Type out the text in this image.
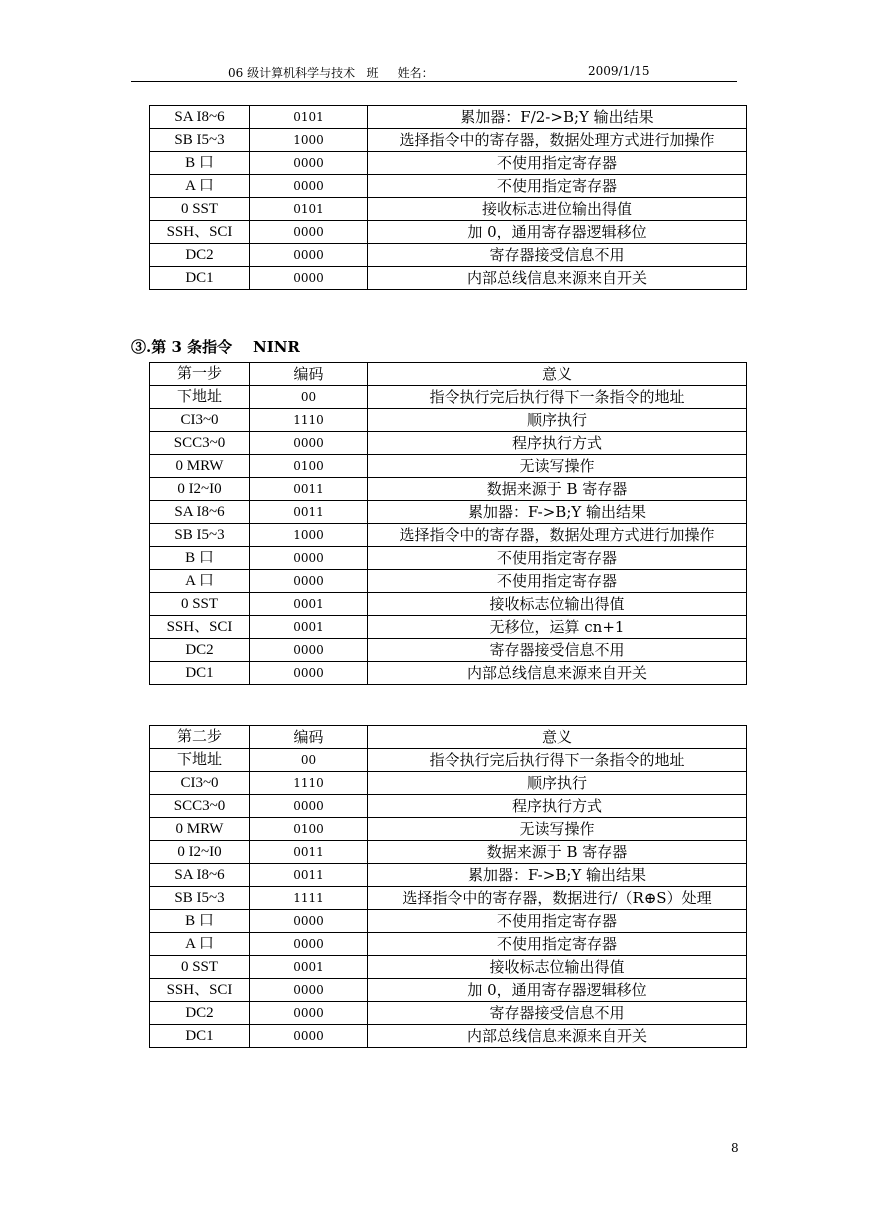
06 级计算机科学与技术   班     姓名：	2009/1/15
SA I8~6	0101	累加器：F/2->B;Y 输出结果
SB I5~3	1000	选择指令中的寄存器，数据处理方式进行加操作
B 口	0000	不使用指定寄存器
A 口	0000	不使用指定寄存器
0 SST	0101	接收标志进位输出得值
SSH、SCI	0000	加 0，通用寄存器逻辑移位
DC2	0000	寄存器接受信息不用
DC1	0000	内部总线信息来源来自开关
③.第 3 条指令    NINR
第一步	编码	意义
下地址	00	指令执行完后执行得下一条指令的地址
CI3~0	1110	顺序执行
SCC3~0	0000	程序执行方式
0 MRW	0100	无读写操作
0 I2~I0	0011	数据来源于 B 寄存器
SA I8~6	0011	累加器：F->B;Y 输出结果
SB I5~3	1000	选择指令中的寄存器，数据处理方式进行加操作
B 口	0000	不使用指定寄存器
A 口	0000	不使用指定寄存器
0 SST	0001	接收标志位输出得值
SSH、SCI	0001	无移位，运算 cn+1
DC2	0000	寄存器接受信息不用
DC1	0000	内部总线信息来源来自开关
第二步	编码	意义
下地址	00	指令执行完后执行得下一条指令的地址
CI3~0	1110	顺序执行
SCC3~0	0000	程序执行方式
0 MRW	0100	无读写操作
0 I2~I0	0011	数据来源于 B 寄存器
SA I8~6	0011	累加器：F->B;Y 输出结果
SB I5~3	1111	选择指令中的寄存器，数据进行/（R⊕S）处理
B 口	0000	不使用指定寄存器
A 口	0000	不使用指定寄存器
0 SST	0001	接收标志位输出得值
SSH、SCI	0000	加 0，通用寄存器逻辑移位
DC2	0000	寄存器接受信息不用
DC1	0000	内部总线信息来源来自开关
8
